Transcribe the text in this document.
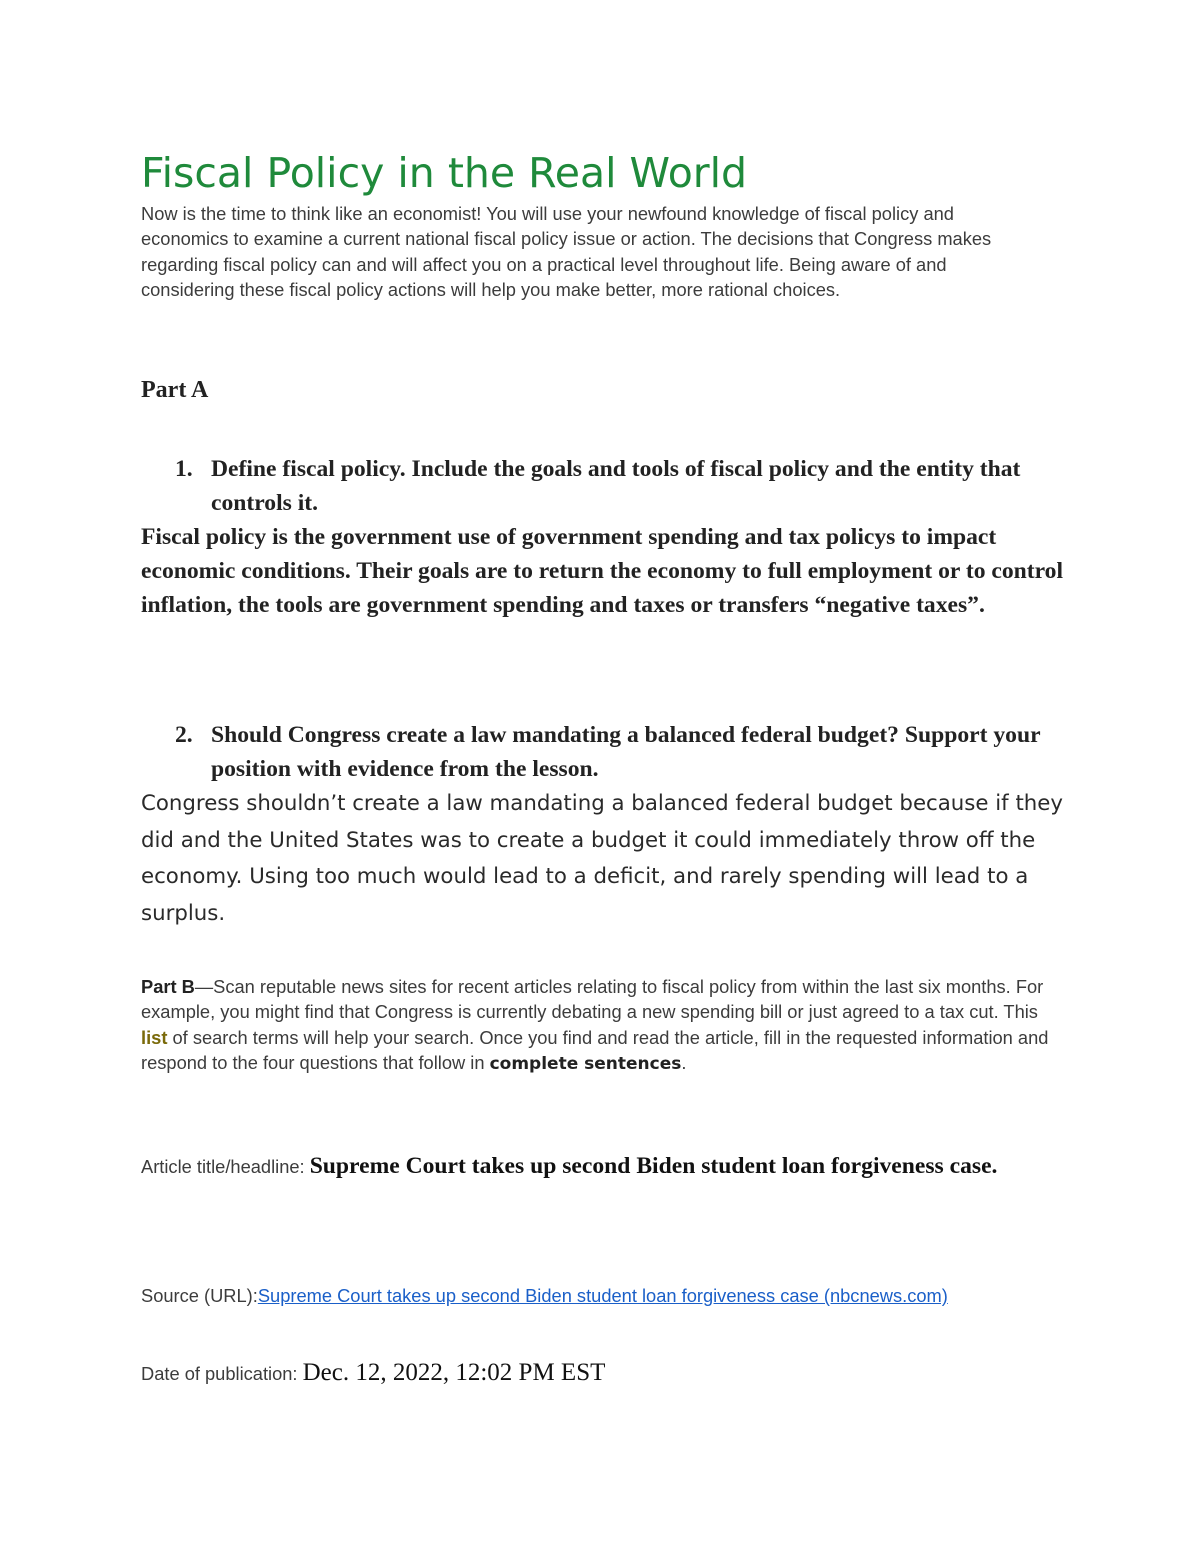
Fiscal Policy in the Real World

Now is the time to think like an economist! You will use your newfound knowledge of fiscal policy and economics to examine a current national fiscal policy issue or action. The decisions that Congress makes regarding fiscal policy can and will affect you on a practical level throughout life. Being aware of and considering these fiscal policy actions will help you make better, more rational choices.

Part A
1. Define fiscal policy. Include the goals and tools of fiscal policy and the entity that controls it.

Fiscal policy is the government use of government spending and tax policys to impact economic conditions. Their goals are to return the economy to full employment or to control inflation, the tools are government spending and taxes or transfers “negative taxes”.

2. Should Congress create a law mandating a balanced federal budget? Support your position with evidence from the lesson.

Congress shouldn’t create a law mandating a balanced federal budget because if they did and the United States was to create a budget it could immediately throw off the economy. Using too much would lead to a deficit, and rarely spending will lead to a surplus.

Part B—Scan reputable news sites for recent articles relating to fiscal policy from within the last six months. For example, you might find that Congress is currently debating a new spending bill or just agreed to a tax cut. This list of search terms will help your search. Once you find and read the article, fill in the requested information and respond to the four questions that follow in complete sentences.

Article title/headline: Supreme Court takes up second Biden student loan forgiveness case.

Source (URL):Supreme Court takes up second Biden student loan forgiveness case (nbcnews.com)

Date of publication: Dec. 12, 2022, 12:02 PM EST
